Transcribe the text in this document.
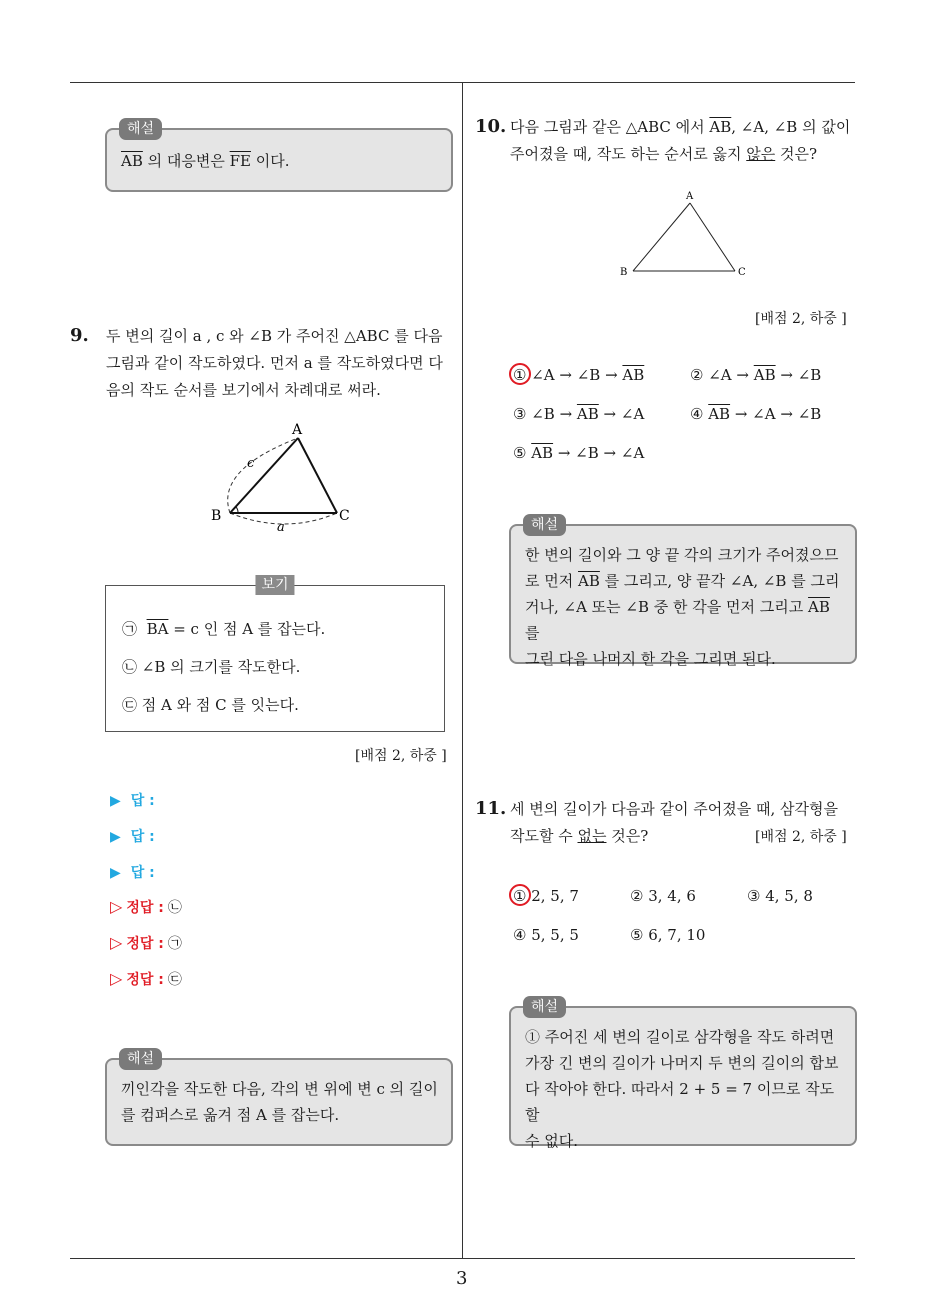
해설
$\overline{AB}$ 의 대응변은 $\overline{FE}$ 이다.
9. 두 변의 길이 a , c 와 ∠B 가 주어진 △ABC 를 다음
그림과 같이 작도하였다. 먼저 a 를 작도하였다면 다
음의 작도 순서를 보기에서 차례대로 써라.
A
B	C
c
a
보기
㉠ $\overline{BA} = c$ 인 점 A 를 잡는다.
㉡ ∠B 의 크기를 작도한다.
㉢ 점 A 와 점 C 를 잇는다.
[배점 2, 하중 ]
▶ 답 :
▶ 답 :
▶ 답 :
▷ 정답 : ㉡
▷ 정답 : ㉠
▷ 정답 : ㉢
해설
끼인각을 작도한 다음, 각의 변 위에 변 c 의 길이
를 컴퍼스로 옮겨 점 A 를 잡는다.
10. 다음 그림과 같은 △ABC 에서 $\overline{AB}$, ∠A, ∠B 의 값이
주어졌을 때, 작도 하는 순서로 옳지 않은 것은?
A
B	C
[배점 2, 하중 ]
① ∠A → ∠B → $\overline{AB}$	② ∠A → $\overline{AB}$ → ∠B
③ ∠B → $\overline{AB}$ → ∠A	④ $\overline{AB}$ → ∠A → ∠B
⑤ $\overline{AB}$ → ∠B → ∠A
해설
한 변의 길이와 그 양 끝 각의 크기가 주어졌으므
로 먼저 $\overline{AB}$ 를 그리고, 양 끝각 ∠A, ∠B 를 그리
거나, ∠A 또는 ∠B 중 한 각을 먼저 그리고 $\overline{AB}$ 를
그린 다음 나머지 한 각을 그리면 된다.
11. 세 변의 길이가 다음과 같이 주어졌을 때, 삼각형을
작도할 수 없는 것은?	[배점 2, 하중 ]
① 2, 5, 7	② 3, 4, 6	③ 4, 5, 8
④ 5, 5, 5	⑤ 6, 7, 10
해설
① 주어진 세 변의 길이로 삼각형을 작도 하려면
가장 긴 변의 길이가 나머지 두 변의 길이의 합보
다 작아야 한다. 따라서 2 + 5 = 7 이므로 작도할
수 없다.
3
